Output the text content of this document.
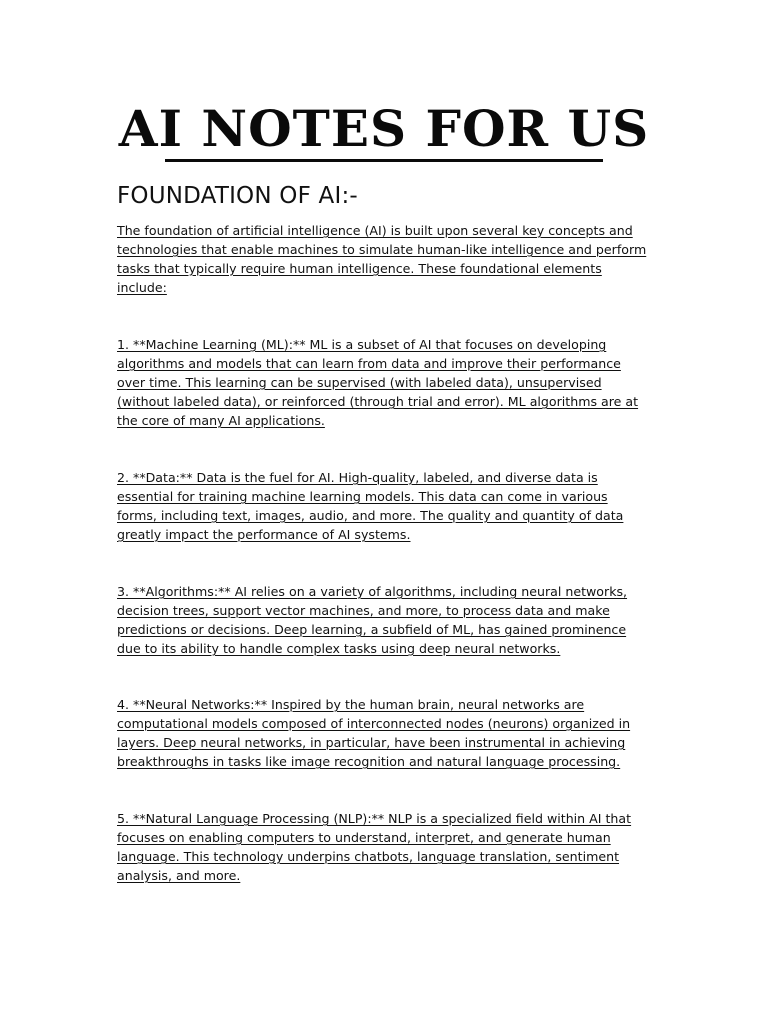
AI NOTES FOR US
FOUNDATION OF AI:-
The foundation of artificial intelligence (AI) is built upon several key concepts and
technologies that enable machines to simulate human-like intelligence and perform
tasks that typically require human intelligence. These foundational elements
include:
1. **Machine Learning (ML):** ML is a subset of AI that focuses on developing
algorithms and models that can learn from data and improve their performance
over time. This learning can be supervised (with labeled data), unsupervised
(without labeled data), or reinforced (through trial and error). ML algorithms are at
the core of many AI applications.
2. **Data:** Data is the fuel for AI. High-quality, labeled, and diverse data is
essential for training machine learning models. This data can come in various
forms, including text, images, audio, and more. The quality and quantity of data
greatly impact the performance of AI systems.
3. **Algorithms:** AI relies on a variety of algorithms, including neural networks,
decision trees, support vector machines, and more, to process data and make
predictions or decisions. Deep learning, a subfield of ML, has gained prominence
due to its ability to handle complex tasks using deep neural networks.
4. **Neural Networks:** Inspired by the human brain, neural networks are
computational models composed of interconnected nodes (neurons) organized in
layers. Deep neural networks, in particular, have been instrumental in achieving
breakthroughs in tasks like image recognition and natural language processing.
5. **Natural Language Processing (NLP):** NLP is a specialized field within AI that
focuses on enabling computers to understand, interpret, and generate human
language. This technology underpins chatbots, language translation, sentiment
analysis, and more.
